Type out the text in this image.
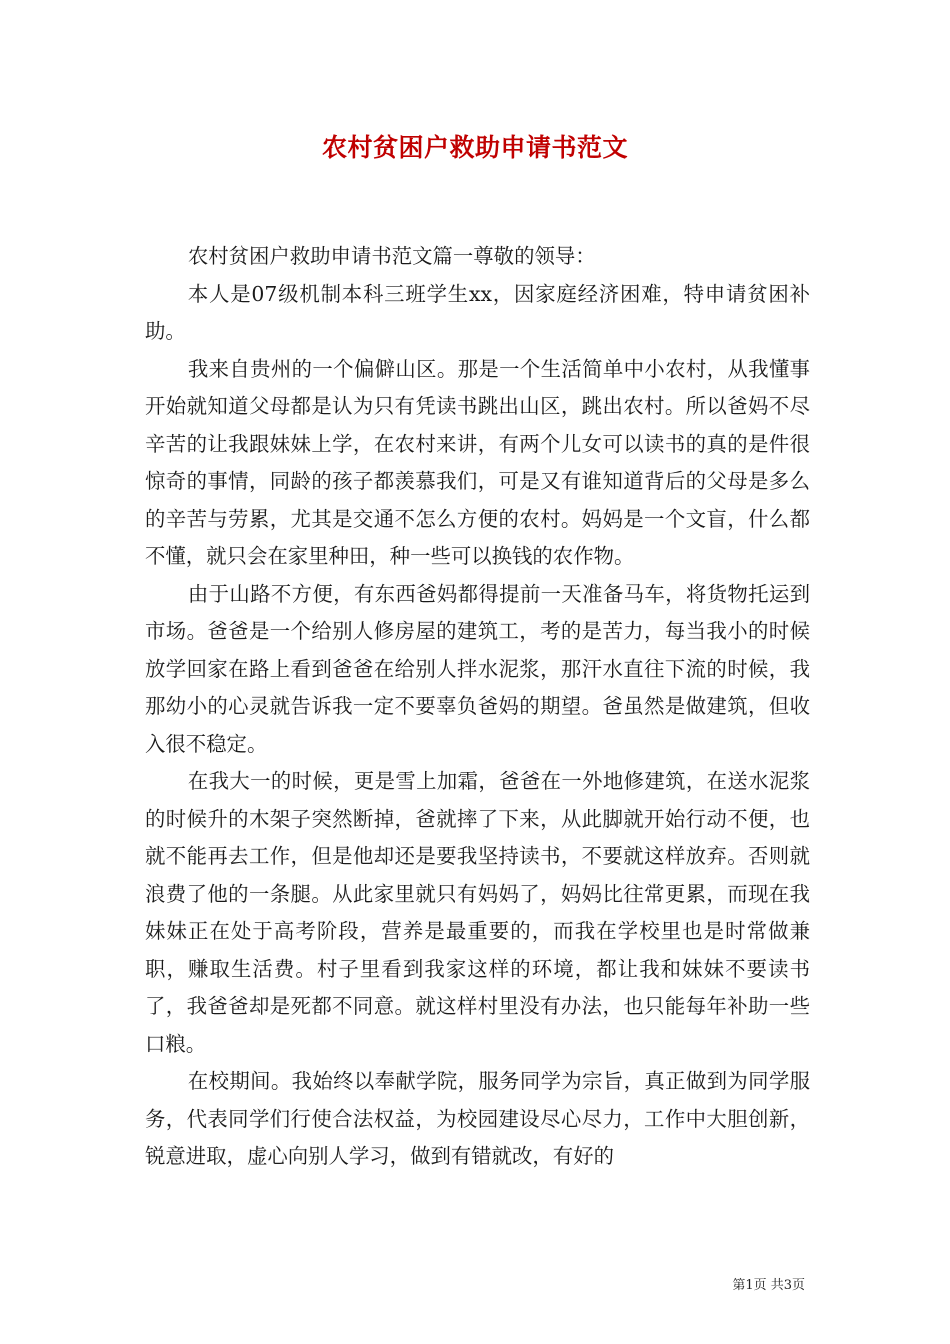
农村贫困户救助申请书范文

农村贫困户救助申请书范文篇一尊敬的领导：

本人是07级机制本科三班学生xx，因家庭经济困难，特申请贫困补助。

我来自贵州的一个偏僻山区。那是一个生活简单中小农村，从我懂事开始就知道父母都是认为只有凭读书跳出山区，跳出农村。所以爸妈不尽辛苦的让我跟妹妹上学，在农村来讲，有两个儿女可以读书的真的是件很惊奇的事情，同龄的孩子都羡慕我们，可是又有谁知道背后的父母是多么的辛苦与劳累，尤其是交通不怎么方便的农村。妈妈是一个文盲，什么都不懂，就只会在家里种田，种一些可以换钱的农作物。

由于山路不方便，有东西爸妈都得提前一天准备马车，将货物托运到市场。爸爸是一个给别人修房屋的建筑工，考的是苦力，每当我小的时候放学回家在路上看到爸爸在给别人拌水泥浆，那汗水直往下流的时候，我那幼小的心灵就告诉我一定不要辜负爸妈的期望。爸虽然是做建筑，但收入很不稳定。

在我大一的时候，更是雪上加霜，爸爸在一外地修建筑，在送水泥浆的时候升的木架子突然断掉，爸就摔了下来，从此脚就开始行动不便，也就不能再去工作，但是他却还是要我坚持读书，不要就这样放弃。否则就浪费了他的一条腿。从此家里就只有妈妈了，妈妈比往常更累，而现在我妹妹正在处于高考阶段，营养是最重要的，而我在学校里也是时常做兼职，赚取生活费。村子里看到我家这样的环境，都让我和妹妹不要读书了，我爸爸却是死都不同意。就这样村里没有办法，也只能每年补助一些口粮。

在校期间。我始终以奉献学院，服务同学为宗旨，真正做到为同学服务，代表同学们行使合法权益，为校园建设尽心尽力，工作中大胆创新，锐意进取，虚心向别人学习，做到有错就改，有好的

第1页 共3页
